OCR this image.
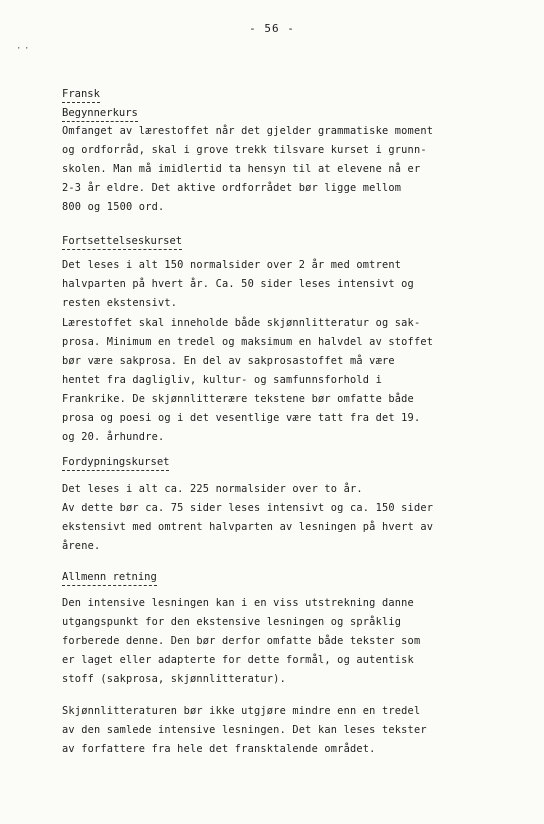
· ·
- 56 -
Fransk
Begynnerkurs
Omfanget av lærestoffet når det gjelder grammatiske moment
og ordforråd, skal i grove trekk tilsvare kurset i grunn-
skolen. Man må imidlertid ta hensyn til at elevene nå er
2-3 år eldre. Det aktive ordforrådet bør ligge mellom
800 og 1500 ord.
Fortsettelseskurset
Det leses i alt 150 normalsider over 2 år med omtrent
halvparten på hvert år. Ca. 50 sider leses intensivt og
resten ekstensivt.
Lærestoffet skal inneholde både skjønnlitteratur og sak-
prosa. Minimum en tredel og maksimum en halvdel av stoffet
bør være sakprosa. En del av sakprosastoffet må være
hentet fra dagligliv, kultur- og samfunnsforhold i
Frankrike. De skjønnlitterære tekstene bør omfatte både
prosa og poesi og i det vesentlige være tatt fra det 19.
og 20. århundre.
Fordypningskurset
Det leses i alt ca. 225 normalsider over to år.
Av dette bør ca. 75 sider leses intensivt og ca. 150 sider
ekstensivt med omtrent halvparten av lesningen på hvert av
årene.
Allmenn retning
Den intensive lesningen kan i en viss utstrekning danne
utgangspunkt for den ekstensive lesningen og språklig
forberede denne. Den bør derfor omfatte både tekster som
er laget eller adapterte for dette formål, og autentisk
stoff (sakprosa, skjønnlitteratur).
Skjønnlitteraturen bør ikke utgjøre mindre enn en tredel
av den samlede intensive lesningen. Det kan leses tekster
av forfattere fra hele det fransktalende området.
